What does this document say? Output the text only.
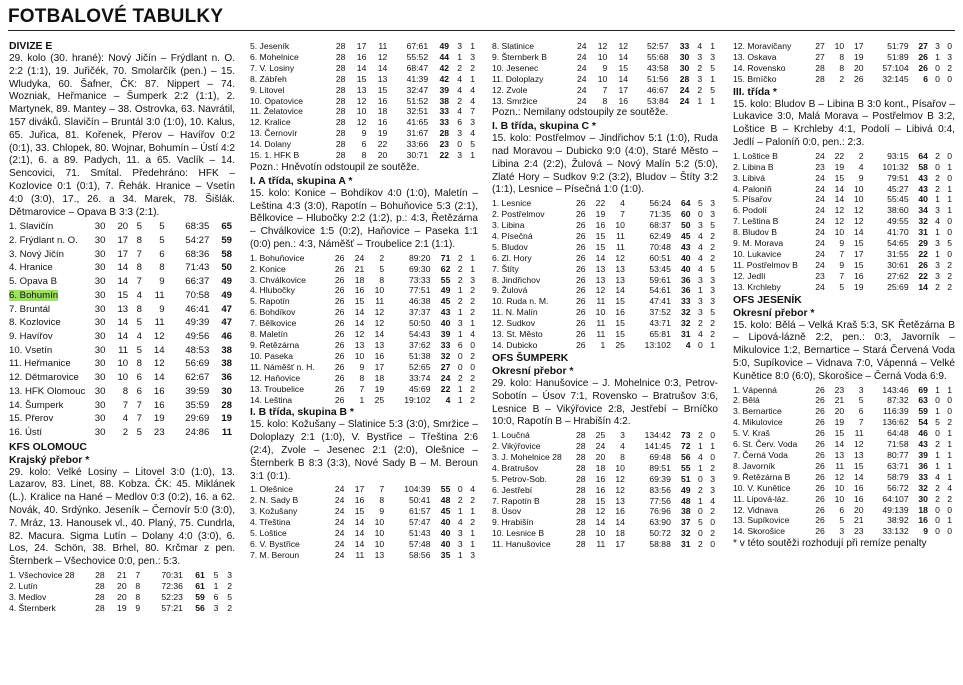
FOTBALOVÉ TABULKY
DIVIZE E
29. kolo (30. hrané): Nový Jičín – Frýdlant n. O. 2:2 (1:1), 19. Juřičék, 70. Smolarčík (pen.) – 15. Wludyka, 60. Šafner, ČK: 87. Nippert – 74. Wozniak, Heřmanice – Šumperk 2:2 (1:1), 2. Martynek, 89. Mantey – 38. Ostrovka, 63. Navrátil, 157 diváků. Slavičín – Bruntál 3:0 (1:0), 10. Kalus, 65. Juřica, 81. Kořenek, Přerov – Havířov 0:2 (0:1), 33. Chlopek, 80. Wojnar, Bohumín – Ústí 4:2 (2:1), 6. a 89. Padych, 11. a 65. Vaclík – 14. Sencovici, 71. Smítal. Předehráno: HFK – Kozlovice 0:1 (0:1), 7. Řehák. Hranice – Vsetín 4:0 (3:0), 17., 26. a 34. Marek, 78. Šišlák. Dětmarovice – Opava B 3:3 (2:1).
1. Slavičín	30	20	5	5	68:35	65
2. Frýdlant n. O.	30	17	8	5	54:27	59
3. Nový Jičín	30	17	7	6	68:36	58
4. Hranice	30	14	8	8	71:43	50
5. Opava B	30	14	7	9	66:37	49
6. Bohumín	30	15	4	11	70:58	49
7. Bruntál	30	13	8	9	46:41	47
8. Kozlovice	30	14	5	11	49:39	47
9. Havířov	30	14	4	12	49:56	46
10. Vsetín	30	11	5	14	48:53	38
11. Heřmanice	30	10	8	12	56:69	38
12. Dětmarovice	30	10	6	14	62:67	36
13. HFK Olomouc	30	8	6	16	39:59	30
14. Šumperk	30	7	7	16	35:59	28
15. Přerov	30	4	7	19	29:69	19
16. Ústí	30	2	5	23	24:86	11
KFS OLOMOUC
Krajský přebor *
29. kolo: Velké Losiny – Litovel 3:0 (1:0), 13. Lazarov, 83. Linet, 88. Kobza. ČK: 45. Miklánek (L.). Kralice na Hané – Medlov 0:3 (0:2), 16. a 62. Novák, 40. Srdýnko. Jeseník – Černovír 5:0 (3:0), 7. Mráz, 13. Hanousek vl., 40. Planý, 75. Cundrla, 82. Macura. Sigma Lutín – Dolany 4:0 (3:0), 6. Los, 24. Schön, 38. Brhel, 80. Krčmar z pen. Šternberk – Všechovice 0:0, pen.: 5:3.
1. Všechovice 28	28	21	7	70:31	61	5	3
2. Lutín	28	20	8	72:36	61	1	2
3. Medlov	28	20	8	52:23	59	6	5
4. Šternberk	28	19	9	57:21	56	3	2
5. Jeseník	28	17	11	67:61	49	3	1
6. Mohelnice	28	16	12	55:52	44	1	3
7. V. Losiny	28	14	14	68:47	42	2	2
8. Zábřeh	28	15	13	41:39	42	4	1
9. Litovel	28	13	15	32:47	39	4	4
10. Opatovice	28	12	16	51:52	38	2	4
11. Želatovice	28	10	18	32:51	33	4	7
12. Kralice	28	12	16	41:65	33	6	3
13. Černovír	28	9	19	31:67	28	3	4
14. Dolany	28	6	22	33:66	23	0	5
15. 1. HFK B	28	8	20	30:71	22	3	1
Pozn.: Hněvotín odstoupil ze soutěže.
I. A třída, skupina A *
15. kolo: Konice – Bohdíkov 4:0 (1:0), Maletín – Leština 4:3 (3:0), Rapotín – Bohuňovice 5:3 (2:1), Bělkovice – Hlubočky 2:2 (1:2), p.: 4:3, Řetězárna – Chválkovice 1:5 (0:2), Haňovice – Paseka 1:1 (0:0) pen.: 4:3, Náměšť – Troubelice 2:1 (1:1).
1. Bohuňovice	26	24	2	89:20	71	2	1
2. Konice	26	21	5	69:30	62	2	1
3. Chválkovice	26	18	8	73:33	55	2	3
4. Hlubočky	26	16	10	77:51	49	1	2
5. Rapotín	26	15	11	46:38	45	2	2
6. Bohdíkov	26	14	12	37:37	43	1	2
7. Bělkovice	26	14	12	50:50	40	3	1
8. Maletín	26	12	14	54:43	39	1	4
9. Řetězárna	26	13	13	37:62	33	6	0
10. Paseka	26	10	16	51:38	32	0	2
11. Náměšť n. H.	26	9	17	52:65	27	0	0
12. Haňovice	26	8	18	33:74	24	2	2
13. Troubelice	26	7	19	45:69	22	1	2
14. Leština	26	1	25	19:102	4	1	2
I. B třída, skupina B *
15. kolo: Kožušany – Slatinice 5:3 (3:0), Smržice – Doloplazy 2:1 (1:0), V. Bystřice – Třeština 2:6 (2:4), Zvole – Jesenec 2:1 (2:0), Olešnice – Šternberk B 8:3 (3:3), Nové Sady B – M. Beroun 3:1 (0:1).
1. Olešnice	24	17	7	104:39	55	0	4
2. N. Sady B	24	16	8	50:41	48	2	2
3. Kožušany	24	15	9	61:57	45	1	1
4. Třeština	24	14	10	57:47	40	4	2
5. Loštice	24	14	10	51:43	40	3	1
6. V. Bystřice	24	14	10	57:48	40	3	1
7. M. Beroun	24	11	13	58:56	35	1	3
8. Slatinice	24	12	12	52:57	33	4	1
9. Šternberk B	24	10	14	55:68	30	3	3
10. Jesenec	24	9	15	43:58	30	2	5
11. Doloplazy	24	10	14	51:56	28	3	1
12. Zvole	24	7	17	46:67	24	2	5
13. Smržice	24	8	16	53:84	24	1	1
Pozn.: Nemilany odstoupily ze soutěže.
I. B třída, skupina C *
15. kolo: Postřelmov – Jindřichov 5:1 (1:0), Ruda nad Moravou – Dubicko 9:0 (4:0), Staré Město – Libina 2:4 (2:2), Žulová – Nový Malín 5:2 (5:0), Zlaté Hory – Sudkov 9:2 (3:2), Bludov – Štíty 3:2 (1:1), Lesnice – Písečná 1:0 (1:0).
1. Lesnice	26	22	4	56:24	64	5	3
2. Postřelmov	26	19	7	71:35	60	0	3
3. Libina	26	16	10	68:37	50	3	5
4. Písečná	26	15	11	62:49	45	4	2
5. Bludov	26	15	11	70:48	43	4	2
6. Zl. Hory	26	14	12	60:51	40	4	2
7. Štíty	26	13	13	53:45	40	4	5
8. Jindřichov	26	13	13	59:61	36	3	3
9. Žulová	26	12	14	54:61	36	1	3
10. Ruda n. M.	26	11	15	47:41	33	3	3
11. N. Malín	26	10	16	37:52	32	3	5
12. Sudkov	26	11	15	43:71	32	2	2
13. St. Město	26	11	15	65:81	31	4	2
14. Dubicko	26	1	25	13:102	4	0	1
OFS ŠUMPERK
Okresní přebor *
29. kolo: Hanušovice – J. Mohelnice 0:3, Petrov-Sobotín – Úsov 7:1, Rovensko – Bratrušov 3:6, Lesnice B – Vikýřovice 2:8, Jestřebí – Brníčko 10:0, Rapotín B – Hrabišín 4:2.
1. Loučná	28	25	3	134:42	73	2	0
2. Vikýřovice	28	24	4	141:45	72	1	1
3. J. Mohelnice 28	28	20	8	69:48	56	4	0
4. Bratrušov	28	18	10	89:51	55	1	2
5. Petrov-Sob.	28	16	12	69:39	51	0	3
6. Jestřebí	28	16	12	83:56	49	2	3
7. Rapotín B	28	15	13	77:56	48	1	4
8. Úsov	28	12	16	76:96	38	0	2
9. Hrabišín	28	14	14	63:90	37	5	0
10. Lesnice B	28	10	18	50:72	32	0	2
11. Hanušovice	28	11	17	58:88	31	2	0
12. Moravičany	27	10	17	51:79	27	3	0
13. Oskava	27	8	19	51:89	26	1	3
14. Rovensko	28	8	20	57:104	26	0	2
15. Brníčko	28	2	26	32:145	6	0	0
III. třída *
15. kolo: Bludov B – Libina B 3:0 kont., Písařov – Lukavice 3:0, Malá Morava – Postřelmov B 3:2, Loštice B – Krchleby 4:1, Podolí – Libivá 0:4, Jedlí – Paloníň 0:0, pen.: 2:3.
1. Loštice B	24	22	2	93:15	64	2	0
2. Libina B	23	19	4	101:32	58	0	1
3. Libivá	24	15	9	79:51	43	2	0
4. Paloníň	24	14	10	45:27	43	2	1
5. Písařov	24	14	10	55:45	40	1	1
6. Podolí	24	12	12	38:60	34	3	1
7. Leština B	24	12	12	49:55	32	4	0
8. Bludov B	24	10	14	41:70	31	1	0
9. M. Morava	24	9	15	54:65	29	3	5
10. Lukavice	24	7	17	31:55	22	1	0
11. Postřelmov B	24	9	15	30:61	26	3	2
12. Jedlí	23	7	16	27:62	22	3	2
13. Krchleby	24	5	19	25:69	14	2	2
OFS JESENÍK
Okresní přebor *
15. kolo: Bělá – Velká Kraš 5:3, SK Řetězárna B – Lipová-lázně 2:2, pen.: 0:3, Javorník – Mikulovice 1:2, Bernartice – Stará Červená Voda 5:0, Supíkovice – Vidnava 7:0, Vápenná – Velké Kunětice 8:0 (6:0), Skorošice – Černá Voda 6:9.
1. Vápenná	26	23	3	143:46	69	1	1
2. Bělá	26	21	5	87:32	63	0	0
3. Bernartice	26	20	6	116:39	59	1	0
4. Mikulovice	26	19	7	136:62	54	5	2
5. V. Kraš	26	15	11	64:48	46	0	1
6. St. Červ. Voda	26	14	12	71:58	43	2	1
7. Černá Voda	26	13	13	80:77	39	1	1
8. Javorník	26	11	15	63:71	36	1	1
9. Řetězárna B	26	12	14	58:79	33	4	1
10. V. Kunětice	26	10	16	56:72	32	2	4
11. Lipová-láz.	26	10	16	64:107	30	2	2
12. Vidnava	26	6	20	49:139	18	0	0
13. Supíkovice	26	5	21	38:92	16	0	1
14. Skorošice	26	3	23	33:132	9	0	0
* v této soutěži rozhodují při remíze penalty
